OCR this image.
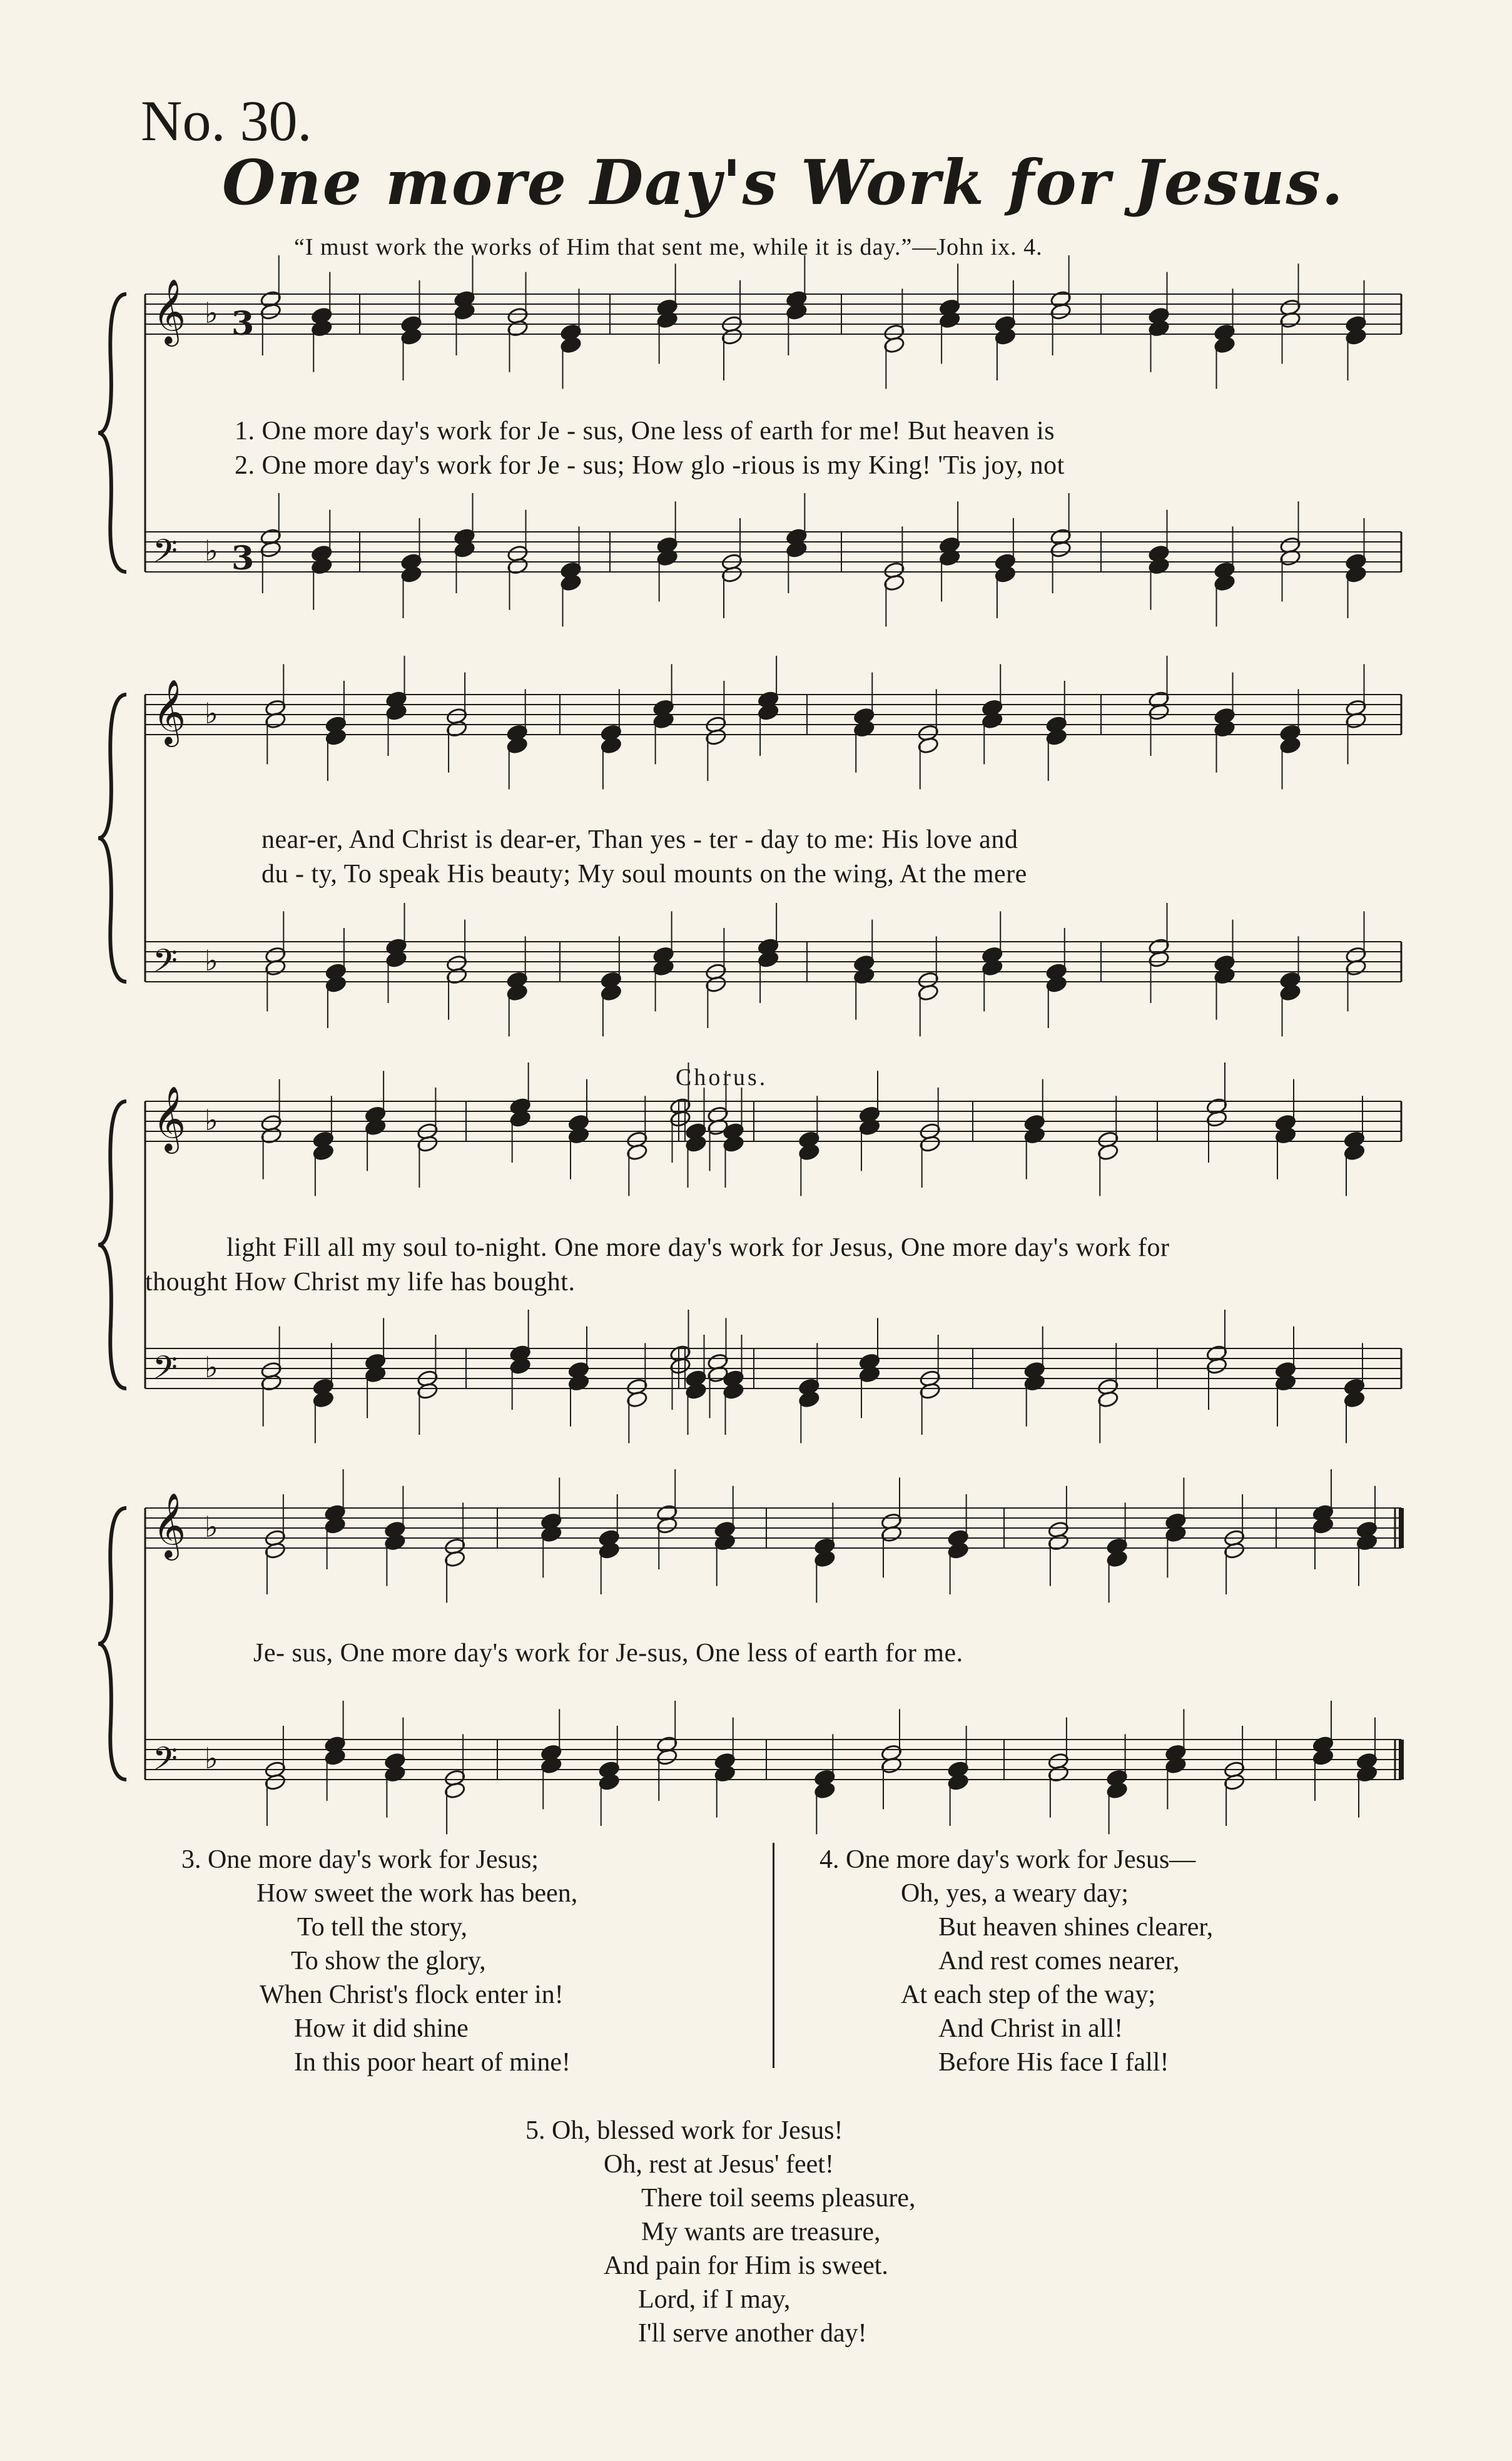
No. 30.
One more Day's Work for Jesus.
“I must work the works of Him that sent me, while it is day.”—John ix. 4.
𝄞 ♭
𝄢 ♭
𝄞 ♭
𝄢 ♭
𝄞 ♭
𝄢 ♭
𝄞 ♭
𝄢 ♭
3
3
1. One more day's work for Je - sus, One less of earth for me! But heaven is
2. One more day's work for Je - sus; How glo -rious is my King! 'Tis joy, not
near-er, And Christ is dear-er, Than yes - ter - day to me: His love and
du - ty, To speak His beauty; My soul mounts on the wing, At the mere
Chorus.
light Fill all my soul to-night. One more day's work for Jesus, One more day's work for
thought How Christ my life has bought.
Je- sus, One more day's work for Je-sus, One less of earth for me.
3. One more day's work for Jesus;
How sweet the work has been,
To tell the story,
To show the glory,
When Christ's flock enter in!
How it did shine
In this poor heart of mine!
4. One more day's work for Jesus—
Oh, yes, a weary day;
But heaven shines clearer,
And rest comes nearer,
At each step of the way;
And Christ in all!
Before His face I fall!
5. Oh, blessed work for Jesus!
Oh, rest at Jesus' feet!
There toil seems pleasure,
My wants are treasure,
And pain for Him is sweet.
Lord, if I may,
I'll serve another day!
